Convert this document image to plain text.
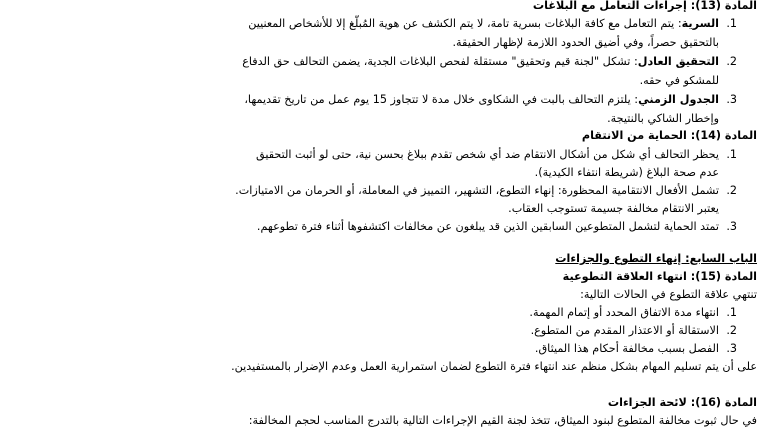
المادة (13): إجراءات التعامل مع البلاغات
1.السرية: يتم التعامل مع كافة البلاغات بسرية تامة، لا يتم الكشف عن هوية المُبلّغ إلا للأشخاص المعنيين
بالتحقيق حصراً، وفي أضيق الحدود اللازمة لإظهار الحقيقة.
2.التحقيق العادل: تشكل "لجنة قيم وتحقيق" مستقلة لفحص البلاغات الجدية، يضمن التحالف حق الدفاع
للمشكو في حقه.
3.الجدول الزمني: يلتزم التحالف بالبت في الشكاوى خلال مدة لا تتجاوز 15 يوم عمل من تاريخ تقديمها،
وإخطار الشاكي بالنتيجة.
المادة (14): الحماية من الانتقام
1.يحظر التحالف أي شكل من أشكال الانتقام ضد أي شخص تقدم ببلاغ بحسن نية، حتى لو أثبت التحقيق
عدم صحة البلاغ (شريطة انتفاء الكيدية).
2.تشمل الأفعال الانتقامية المحظورة: إنهاء التطوع، التشهير، التمييز في المعاملة، أو الحرمان من الامتيازات.
يعتبر الانتقام مخالفة جسيمة تستوجب العقاب.
3.تمتد الحماية لتشمل المتطوعين السابقين الذين قد يبلغون عن مخالفات اكتشفوها أثناء فترة تطوعهم.
الباب السابع: إنهاء التطوع والجزاءات
المادة (15): انتهاء العلاقة التطوعية
تنتهي علاقة التطوع في الحالات التالية:
1.انتهاء مدة الاتفاق المحدد أو إتمام المهمة.
2.الاستقالة أو الاعتذار المقدم من المتطوع.
3.الفصل بسبب مخالفة أحكام هذا الميثاق.
على أن يتم تسليم المهام بشكل منظم عند انتهاء فترة التطوع لضمان استمرارية العمل وعدم الإضرار بالمستفيدين.
المادة (16): لائحة الجزاءات
في حال ثبوت مخالفة المتطوع لبنود الميثاق، تتخذ لجنة القيم الإجراءات التالية بالتدرج المناسب لحجم المخالفة:
